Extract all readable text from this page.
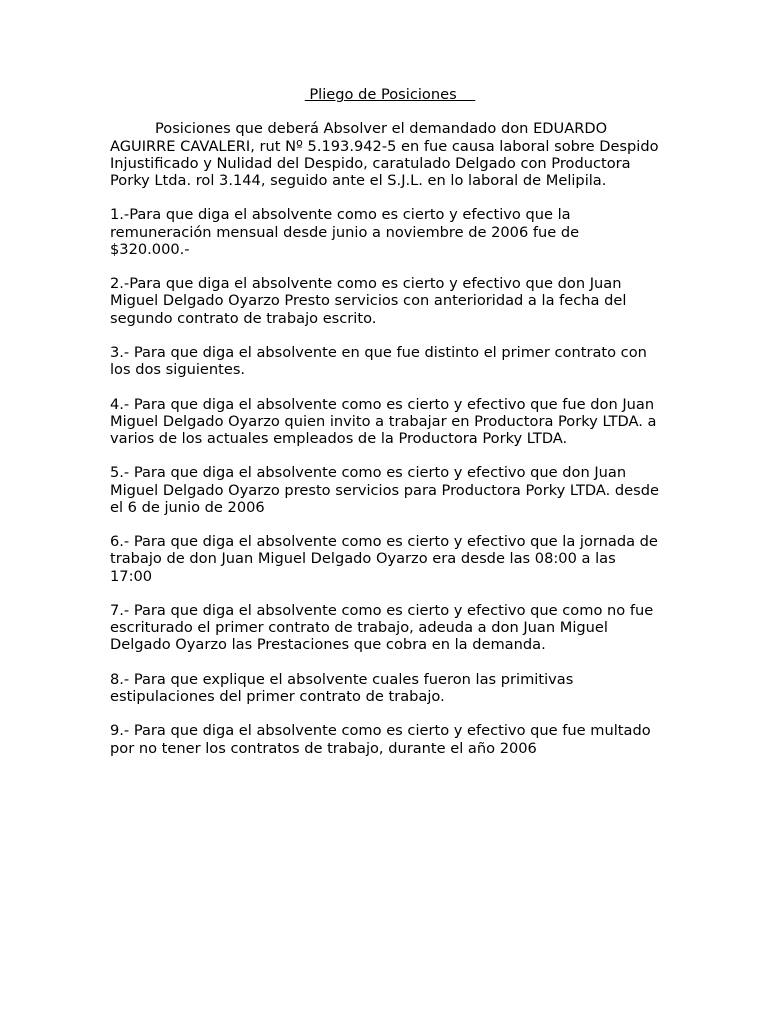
Pliego de Posiciones

Posiciones que deberá Absolver el demandado don EDUARDO AGUIRRE CAVALERI, rut Nº 5.193.942-5 en fue causa laboral sobre Despido Injustificado y Nulidad del Despido, caratulado Delgado con Productora Porky Ltda. rol 3.144, seguido ante el S.J.L. en lo laboral de Melipila.

1.-Para que diga el absolvente como es cierto y efectivo que la remuneración mensual desde junio a noviembre de 2006 fue de $320.000.-

2.-Para que diga el absolvente como es cierto y efectivo que don Juan Miguel Delgado Oyarzo Presto servicios con anterioridad a la fecha del segundo contrato de trabajo escrito.

3.- Para que diga el absolvente en que fue distinto el primer contrato con los dos siguientes.

4.- Para que diga el absolvente como es cierto y efectivo que fue don Juan Miguel Delgado Oyarzo quien invito a trabajar en Productora Porky LTDA. a varios de los actuales empleados de la Productora Porky LTDA.

5.- Para que diga el absolvente como es cierto y efectivo que don Juan Miguel Delgado Oyarzo presto servicios para Productora Porky LTDA. desde el 6 de junio de 2006

6.- Para que diga el absolvente como es cierto y efectivo que la jornada de trabajo de don Juan Miguel Delgado Oyarzo era desde las 08:00 a las 17:00

7.- Para que diga el absolvente como es cierto y efectivo que como no fue escriturado el primer contrato de trabajo, adeuda a don Juan Miguel Delgado Oyarzo las Prestaciones que cobra en la demanda.

8.- Para que explique el absolvente cuales fueron las primitivas estipulaciones del primer contrato de trabajo.

9.- Para que diga el absolvente como es cierto y efectivo que fue multado por no tener los contratos de trabajo, durante el año 2006
